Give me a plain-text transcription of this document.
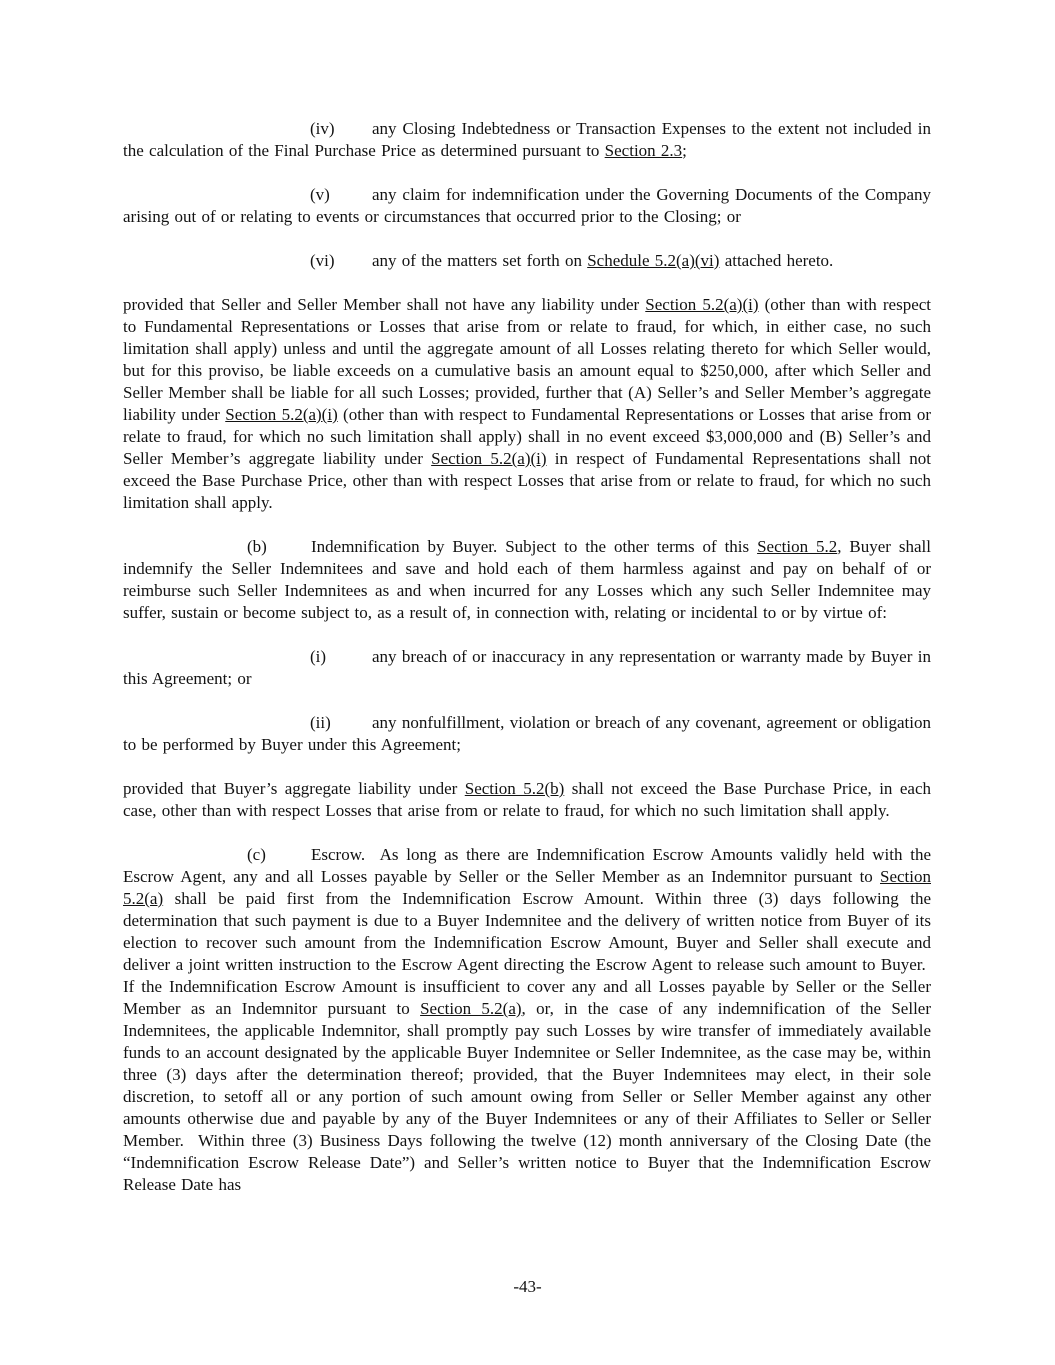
(iv) any Closing Indebtedness or Transaction Expenses to the extent not included in the calculation of the Final Purchase Price as determined pursuant to Section 2.3;

(v) any claim for indemnification under the Governing Documents of the Company arising out of or relating to events or circumstances that occurred prior to the Closing; or

(vi) any of the matters set forth on Schedule 5.2(a)(vi) attached hereto.

provided that Seller and Seller Member shall not have any liability under Section 5.2(a)(i) (other than with respect to Fundamental Representations or Losses that arise from or relate to fraud, for which, in either case, no such limitation shall apply) unless and until the aggregate amount of all Losses relating thereto for which Seller would, but for this proviso, be liable exceeds on a cumulative basis an amount equal to $250,000, after which Seller and Seller Member shall be liable for all such Losses; provided, further that (A) Seller’s and Seller Member’s aggregate liability under Section 5.2(a)(i) (other than with respect to Fundamental Representations or Losses that arise from or relate to fraud, for which no such limitation shall apply) shall in no event exceed $3,000,000 and (B) Seller’s and Seller Member’s aggregate liability under Section 5.2(a)(i) in respect of Fundamental Representations shall not exceed the Base Purchase Price, other than with respect Losses that arise from or relate to fraud, for which no such limitation shall apply.

(b)	Indemnification by Buyer. Subject to the other terms of this Section 5.2, Buyer shall indemnify the Seller Indemnitees and save and hold each of them harmless against and pay on behalf of or reimburse such Seller Indemnitees as and when incurred for any Losses which any such Seller Indemnitee may suffer, sustain or become subject to, as a result of, in connection with, relating or incidental to or by virtue of:

(i)	any breach of or inaccuracy in any representation or warranty made by Buyer in this Agreement; or

(ii) any nonfulfillment, violation or breach of any covenant, agreement or obligation to be performed by Buyer under this Agreement;

provided that Buyer’s aggregate liability under Section 5.2(b) shall not exceed the Base Purchase Price, in each case, other than with respect Losses that arise from or relate to fraud, for which no such limitation shall apply.

(c)	Escrow.  As long as there are Indemnification Escrow Amounts validly held with the Escrow Agent, any and all Losses payable by Seller or the Seller Member as an Indemnitor pursuant to Section 5.2(a) shall be paid first from the Indemnification Escrow Amount. Within three (3) days following the determination that such payment is due to a Buyer Indemnitee and the delivery of written notice from Buyer of its election to recover such amount from the Indemnification Escrow Amount, Buyer and Seller shall execute and deliver a joint written instruction to the Escrow Agent directing the Escrow Agent to release such amount to Buyer.  If the Indemnification Escrow Amount is insufficient to cover any and all Losses payable by Seller or the Seller Member as an Indemnitor pursuant to Section 5.2(a), or, in the case of any indemnification of the Seller Indemnitees, the applicable Indemnitor, shall promptly pay such Losses by wire transfer of immediately available funds to an account designated by the applicable Buyer Indemnitee or Seller Indemnitee, as the case may be, within three (3) days after the determination thereof; provided, that the Buyer Indemnitees may elect, in their sole discretion, to setoff all or any portion of such amount owing from Seller or Seller Member against any other amounts otherwise due and payable by any of the Buyer Indemnitees or any of their Affiliates to Seller or Seller Member.  Within three (3) Business Days following the twelve (12) month anniversary of the Closing Date (the “Indemnification Escrow Release Date”) and Seller’s written notice to Buyer that the Indemnification Escrow Release Date has

-43-
